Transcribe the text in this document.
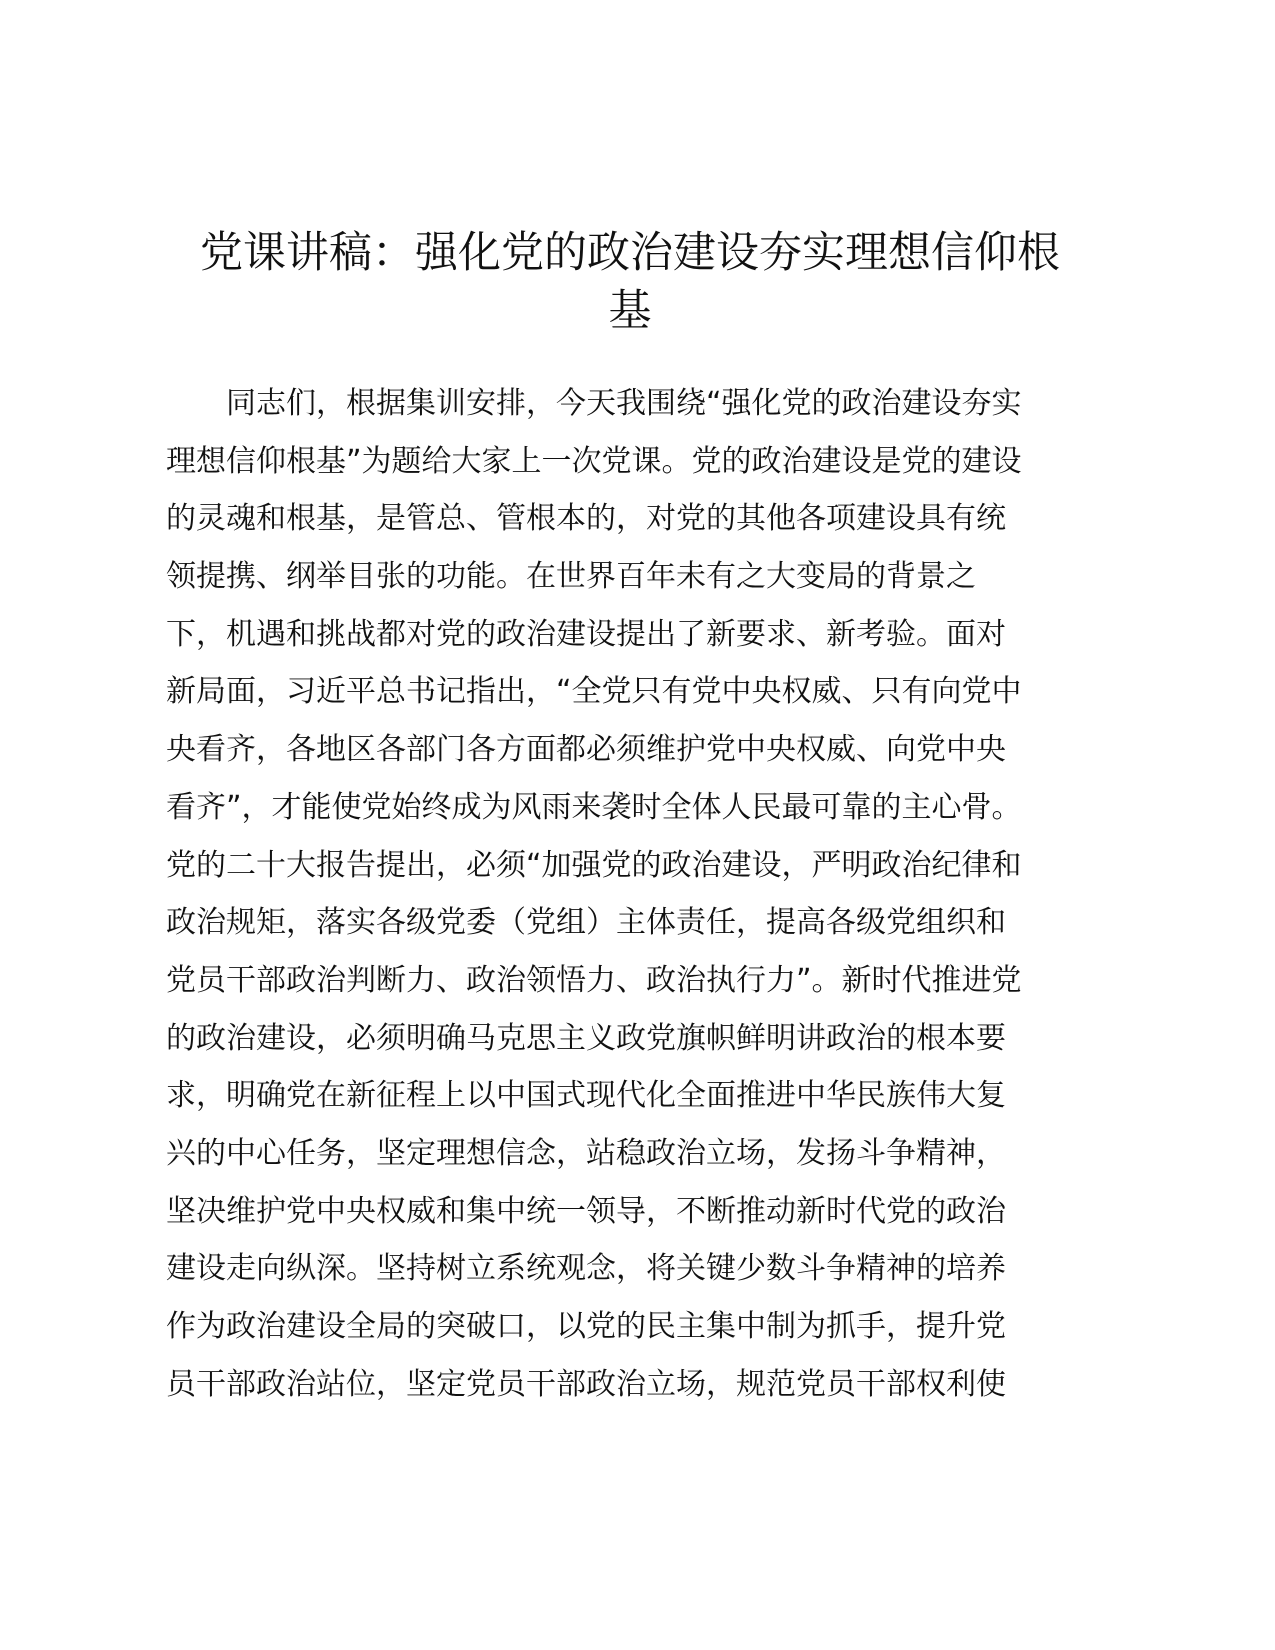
党课讲稿：强化党的政治建设夯实理想信仰根
基
　　同志们，根据集训安排，今天我围绕“强化党的政治建设夯实
理想信仰根基”为题给大家上一次党课。党的政治建设是党的建设
的灵魂和根基，是管总、管根本的，对党的其他各项建设具有统
领提携、纲举目张的功能。在世界百年未有之大变局的背景之
下，机遇和挑战都对党的政治建设提出了新要求、新考验。面对
新局面，习近平总书记指出，“全党只有党中央权威、只有向党中
央看齐，各地区各部门各方面都必须维护党中央权威、向党中央
看齐”，才能使党始终成为风雨来袭时全体人民最可靠的主心骨。
党的二十大报告提出，必须“加强党的政治建设，严明政治纪律和
政治规矩，落实各级党委（党组）主体责任，提高各级党组织和
党员干部政治判断力、政治领悟力、政治执行力”。新时代推进党
的政治建设，必须明确马克思主义政党旗帜鲜明讲政治的根本要
求，明确党在新征程上以中国式现代化全面推进中华民族伟大复
兴的中心任务，坚定理想信念，站稳政治立场，发扬斗争精神，
坚决维护党中央权威和集中统一领导，不断推动新时代党的政治
建设走向纵深。坚持树立系统观念，将关键少数斗争精神的培养
作为政治建设全局的突破口，以党的民主集中制为抓手，提升党
员干部政治站位，坚定党员干部政治立场，规范党员干部权利使
